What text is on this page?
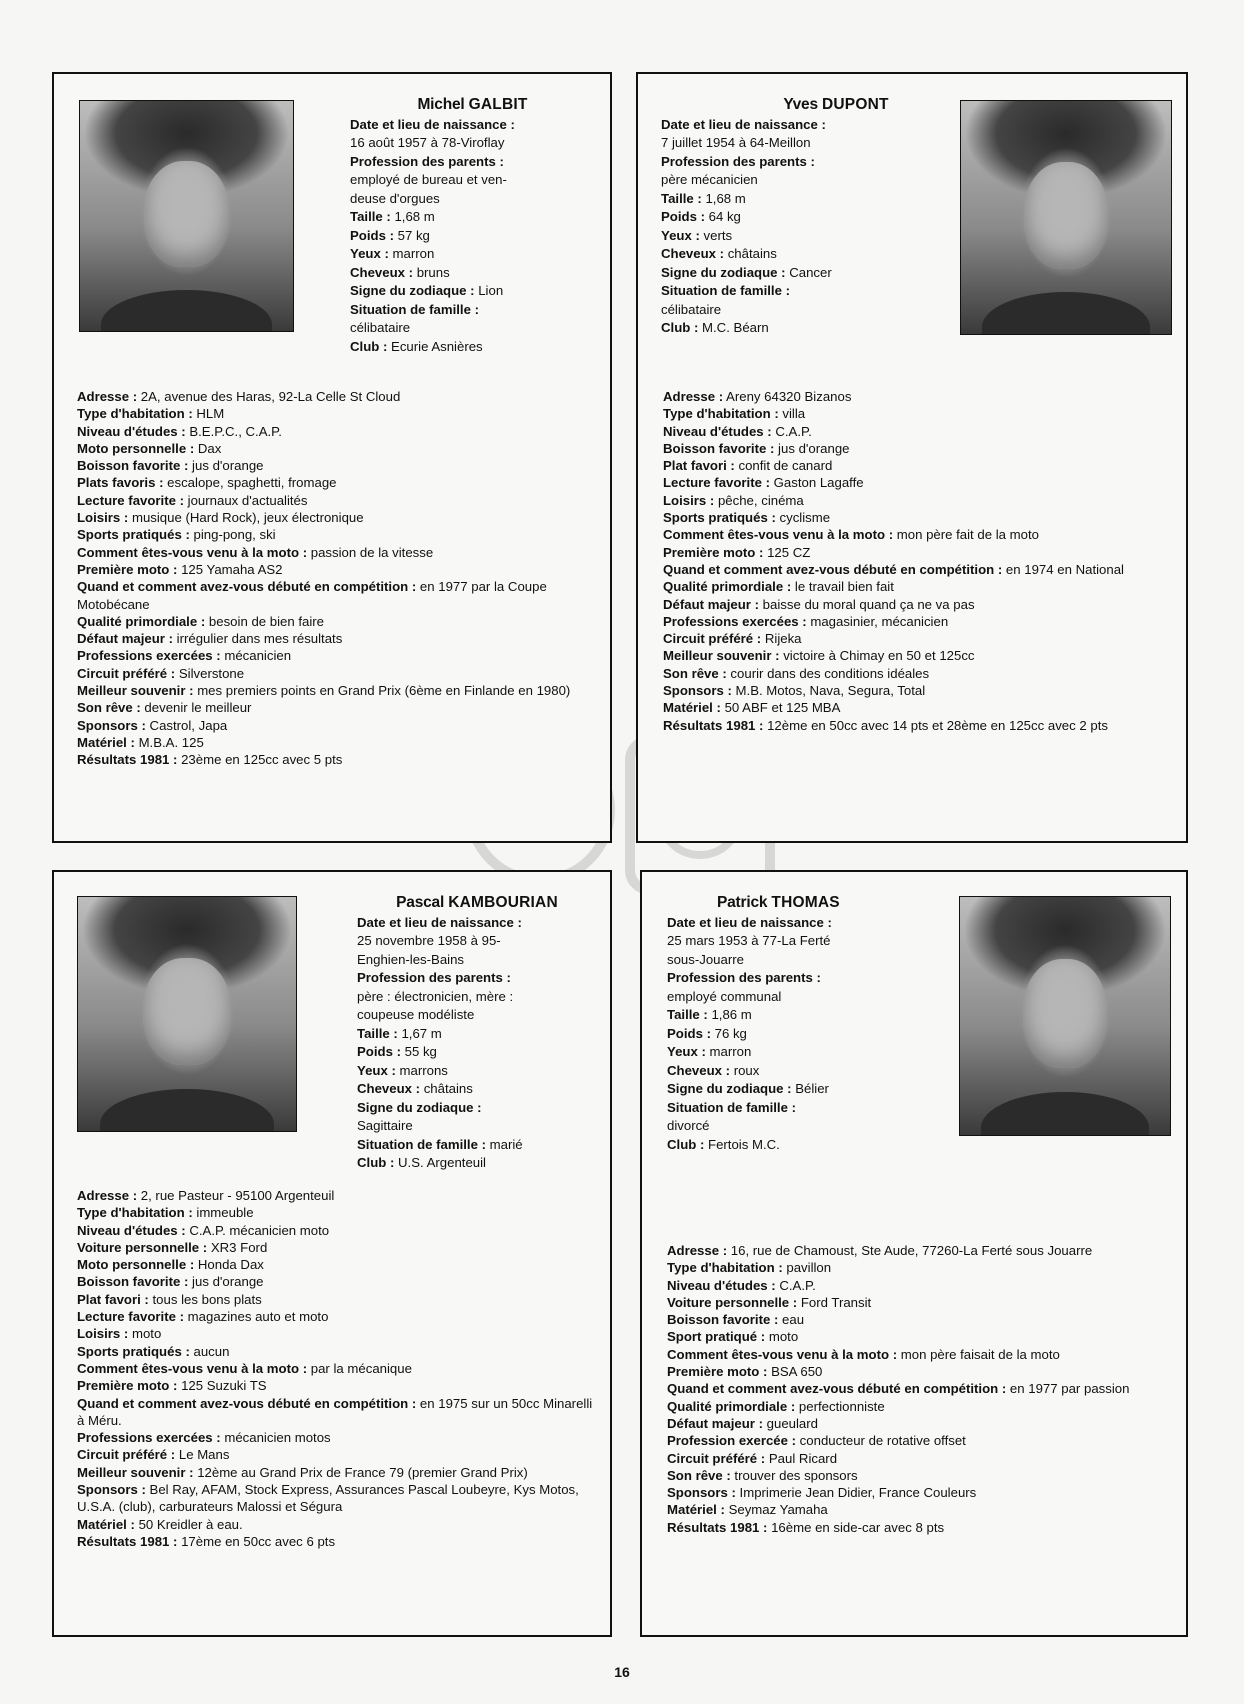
Michel GALBIT
Date et lieu de naissance :
16 août 1957 à 78-Viroflay
Profession des parents :
employé de bureau et ven-
deuse d'orgues
Taille : 1,68 m
Poids : 57 kg
Yeux : marron
Cheveux : bruns
Signe du zodiaque : Lion
Situation de famille :
célibataire
Club : Ecurie Asnières
Adresse : 2A, avenue des Haras, 92-La Celle St Cloud
Type d'habitation : HLM
Niveau d'études : B.E.P.C., C.A.P.
Moto personnelle : Dax
Boisson favorite : jus d'orange
Plats favoris : escalope, spaghetti, fromage
Lecture favorite : journaux d'actualités
Loisirs : musique (Hard Rock), jeux électronique
Sports pratiqués : ping-pong, ski
Comment êtes-vous venu à la moto : passion de la vitesse
Première moto : 125 Yamaha AS2
Quand et comment avez-vous débuté en compétition : en 1977 par la Coupe Motobécane
Qualité primordiale : besoin de bien faire
Défaut majeur : irrégulier dans mes résultats
Professions exercées : mécanicien
Circuit préféré : Silverstone
Meilleur souvenir : mes premiers points en Grand Prix (6ème en Finlande en 1980)
Son rêve : devenir le meilleur
Sponsors : Castrol, Japa
Matériel : M.B.A. 125
Résultats 1981 : 23ème en 125cc avec 5 pts
Yves DUPONT
Date et lieu de naissance :
7 juillet 1954 à 64-Meillon
Profession des parents :
père mécanicien
Taille : 1,68 m
Poids : 64 kg
Yeux : verts
Cheveux : châtains
Signe du zodiaque : Cancer
Situation de famille :
célibataire
Club : M.C. Béarn
Adresse : Areny 64320 Bizanos
Type d'habitation : villa
Niveau d'études : C.A.P.
Boisson favorite : jus d'orange
Plat favori : confit de canard
Lecture favorite : Gaston Lagaffe
Loisirs : pêche, cinéma
Sports pratiqués : cyclisme
Comment êtes-vous venu à la moto : mon père fait de la moto
Première moto : 125 CZ
Quand et comment avez-vous débuté en compétition : en 1974 en National
Qualité primordiale : le travail bien fait
Défaut majeur : baisse du moral quand ça ne va pas
Professions exercées : magasinier, mécanicien
Circuit préféré : Rijeka
Meilleur souvenir : victoire à Chimay en 50 et 125cc
Son rêve : courir dans des conditions idéales
Sponsors : M.B. Motos, Nava, Segura, Total
Matériel : 50 ABF et 125 MBA
Résultats 1981 : 12ème en 50cc avec 14 pts et 28ème en 125cc avec 2 pts
Pascal KAMBOURIAN
Date et lieu de naissance :
25 novembre 1958 à 95-
Enghien-les-Bains
Profession des parents :
père : électronicien, mère :
coupeuse modéliste
Taille : 1,67 m
Poids : 55 kg
Yeux : marrons
Cheveux : châtains
Signe du zodiaque :
Sagittaire
Situation de famille : marié
Club : U.S. Argenteuil
Adresse : 2, rue Pasteur - 95100 Argenteuil
Type d'habitation : immeuble
Niveau d'études : C.A.P. mécanicien moto
Voiture personnelle : XR3 Ford
Moto personnelle : Honda Dax
Boisson favorite : jus d'orange
Plat favori : tous les bons plats
Lecture favorite : magazines auto et moto
Loisirs : moto
Sports pratiqués : aucun
Comment êtes-vous venu à la moto : par la mécanique
Première moto : 125 Suzuki TS
Quand et comment avez-vous débuté en compétition : en 1975 sur un 50cc Minarelli à Méru.
Professions exercées : mécanicien motos
Circuit préféré : Le Mans
Meilleur souvenir : 12ème au Grand Prix de France 79 (premier Grand Prix)
Sponsors : Bel Ray, AFAM, Stock Express, Assurances Pascal Loubeyre, Kys Motos, U.S.A. (club), carburateurs Malossi et Ségura
Matériel : 50 Kreidler à eau.
Résultats 1981 : 17ème en 50cc avec 6 pts
Patrick THOMAS
Date et lieu de naissance :
25 mars 1953 à 77-La Ferté
sous-Jouarre
Profession des parents :
employé communal
Taille : 1,86 m
Poids : 76 kg
Yeux : marron
Cheveux : roux
Signe du zodiaque : Bélier
Situation de famille :
divorcé
Club : Fertois M.C.
Adresse : 16, rue de Chamoust, Ste Aude, 77260-La Ferté sous Jouarre
Type d'habitation : pavillon
Niveau d'études : C.A.P.
Voiture personnelle : Ford Transit
Boisson favorite : eau
Sport pratiqué : moto
Comment êtes-vous venu à la moto : mon père faisait de la moto
Première moto : BSA 650
Quand et comment avez-vous débuté en compétition : en 1977 par passion
Qualité primordiale : perfectionniste
Défaut majeur : gueulard
Profession exercée : conducteur de rotative offset
Circuit préféré : Paul Ricard
Son rêve : trouver des sponsors
Sponsors : Imprimerie Jean Didier, France Couleurs
Matériel : Seymaz Yamaha
Résultats 1981 : 16ème en side-car avec 8 pts
16
